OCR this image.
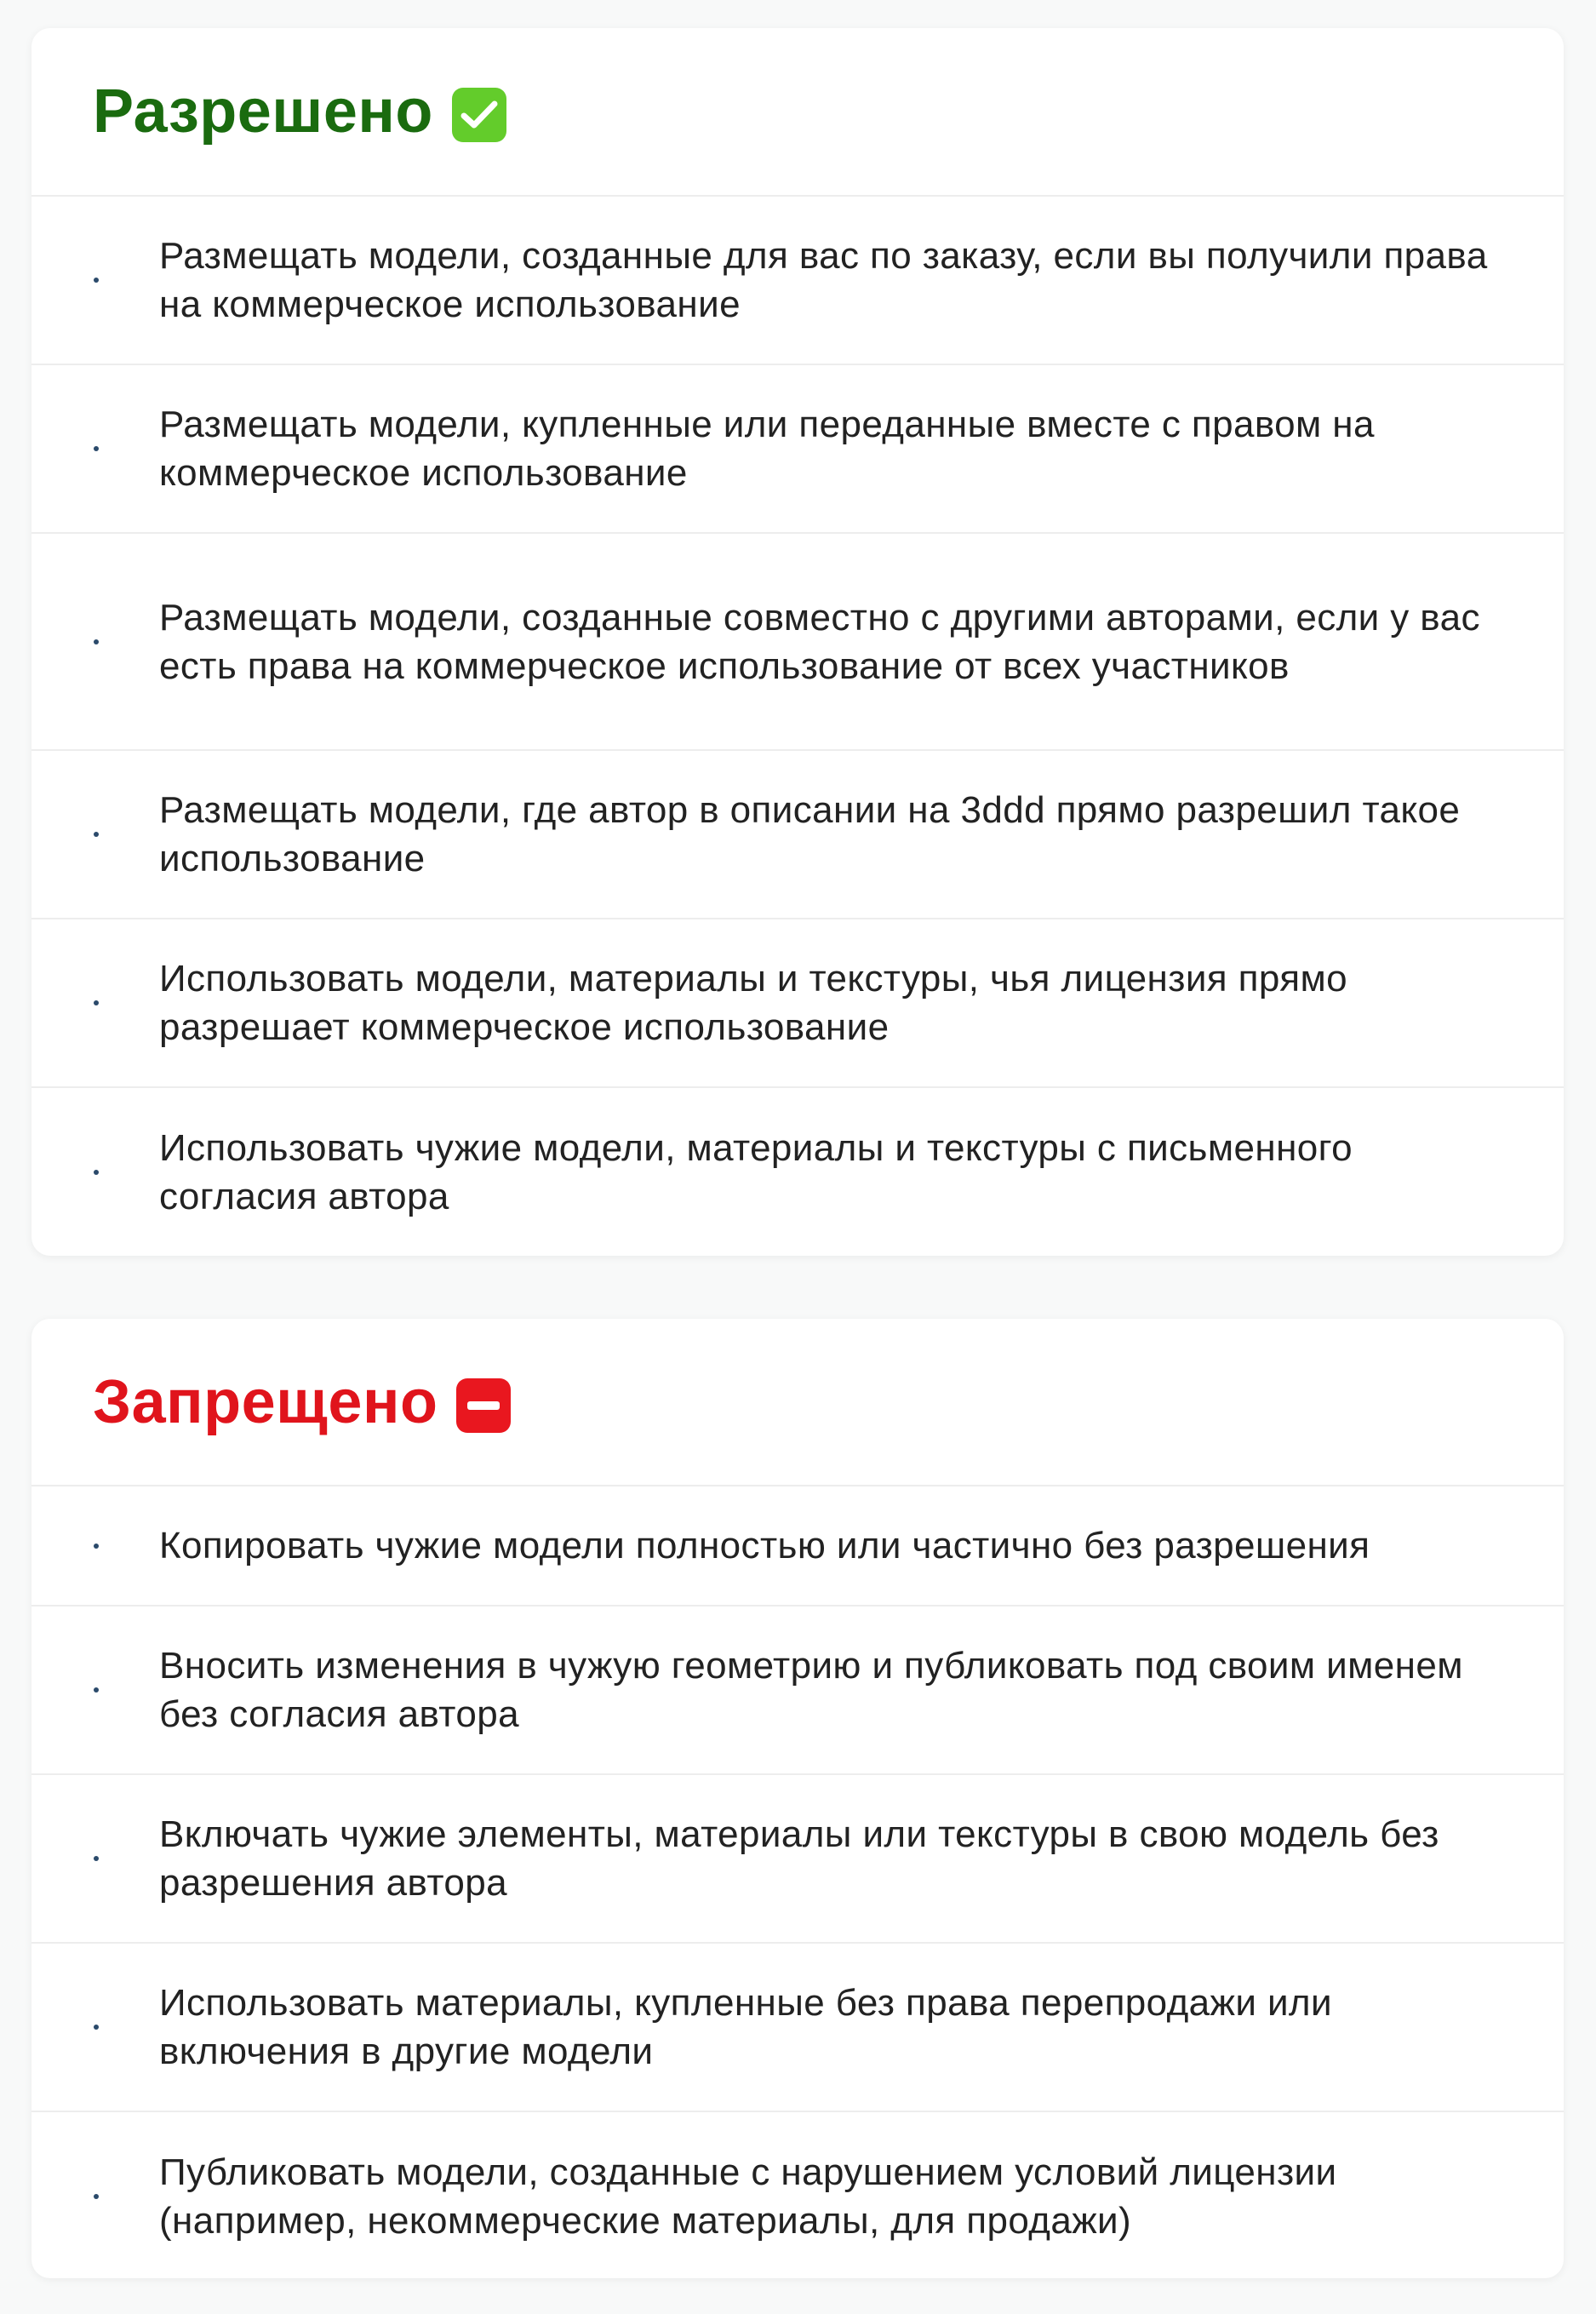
Разрешено
Размещать модели, созданные для вас по заказу, если вы получили права на коммерческое использование
Размещать модели, купленные или переданные вместе с правом на коммерческое использование
Размещать модели, созданные совместно с другими авторами, если у вас есть права на коммерческое использование от всех участников
Размещать модели, где автор в описании на 3ddd прямо разрешил такое использование
Использовать модели, материалы и текстуры, чья лицензия прямо разрешает коммерческое использование
Использовать чужие модели, материалы и текстуры с письменного согласия автора
Запрещено
Копировать чужие модели полностью или частично без разрешения
Вносить изменения в чужую геометрию и публиковать под своим именем без согласия автора
Включать чужие элементы, материалы или текстуры в свою модель без разрешения автора
Использовать материалы, купленные без права перепродажи или включения в другие модели
Публиковать модели, созданные с нарушением условий лицензии (например, некоммерческие материалы, для продажи)
